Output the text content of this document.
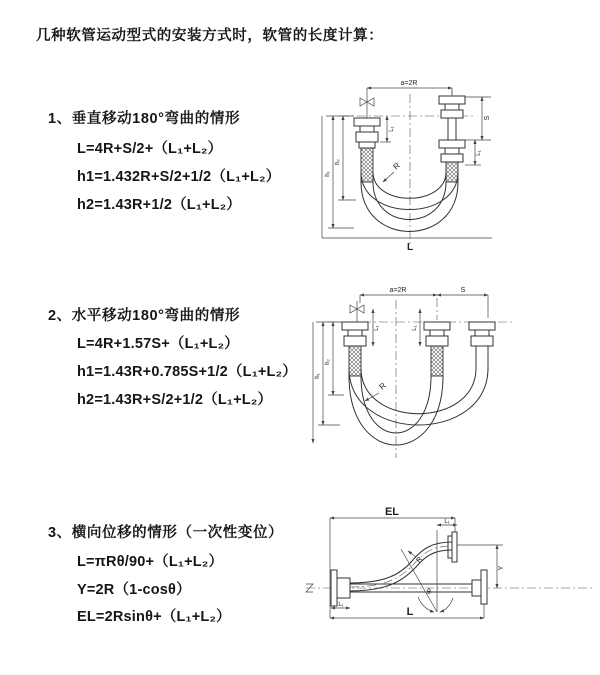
几种软管运动型式的安装方式时，软管的长度计算：
1、垂直移动180°弯曲的情形
L=4R+S/2+（L₁+L₂）
h1=1.432R+S/2+1/2（L₁+L₂）
h2=1.43R+1/2（L₁+L₂）
2、水平移动180°弯曲的情形
L=4R+1.57S+（L₁+L₂）
h1=1.43R+0.785S+1/2（L₁+L₂）
h2=1.43R+S/2+1/2（L₁+L₂）
3、横向位移的情形（一次性变位）
L=πRθ/90+（L₁+L₂）
Y=2R（1-cosθ）
EL=2Rsinθ+（L₁+L₂）
a=2R
S
L₁
L₁
h₁
h₂	R
L
a=2R	S
L₁	L₁
h₁
h₂
R
EL
L₁
Y
R
θ
L₁
L
